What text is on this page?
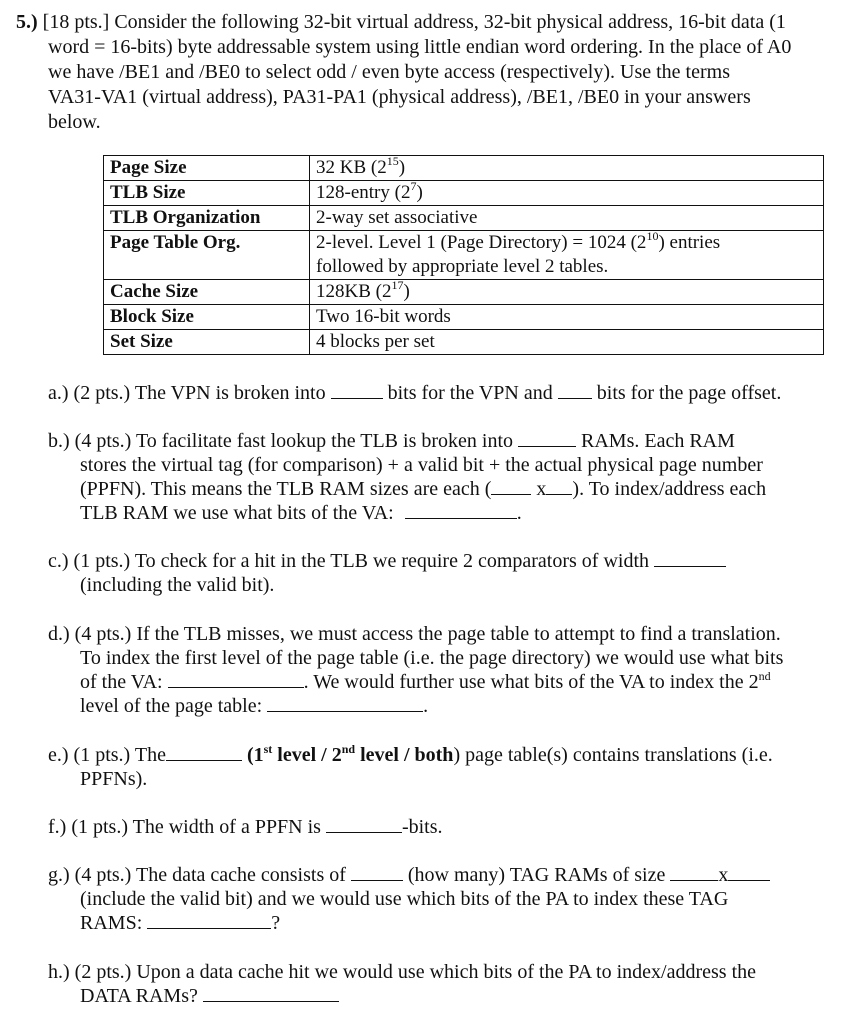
5.) [18 pts.] Consider the following 32-bit virtual address, 32-bit physical address, 16-bit data (1
word = 16-bits) byte addressable system using little endian word ordering. In the place of A0
we have /BE1 and /BE0 to select odd / even byte access (respectively). Use the terms
VA31-VA1 (virtual address), PA31-PA1 (physical address), /BE1, /BE0 in your answers
below.
Page Size	32 KB $(2^{15})$
TLB Size	128-entry $(2^7)$
TLB Organization	2-way set associative
Page Table Org.	2-level. Level 1 (Page Directory) = 1024 $(2^{10})$ entries
followed by appropriate level 2 tables.
Cache Size	128KB $(2^{17})$
Block Size	Two 16-bit words
Set Size	4 blocks per set
a.) (2 pts.) The VPN is broken into	bits for the VPN and bits for the page offset.
b.) (4 pts.) To facilitate fast lookup the TLB is broken into	RAMs. Each RAM
stores the virtual tag (for comparison) + a valid bit + the actual physical page number
(PPFN). This means the TLB RAM sizes are each ( x ). To index/address each
TLB RAM we use what bits of the VA:	.
c.) (1 pts.) To check for a hit in the TLB we require 2 comparators of width
(including the valid bit).
d.) (4 pts.) If the TLB misses, we must access the page table to attempt to find a translation.
To index the first level of the page table (i.e. the page directory) we would use what bits
of the VA:	. We would further use what bits of the VA to index the 2nd
level of the page table:	.
e.) (1 pts.) The	(1st level / 2nd level / both) page table(s) contains translations (i.e.
PPFNs).
f.) (1 pts.) The width of a PPFN is	-bits.
g.) (4 pts.) The data cache consists of	(how many) TAG RAMs of size	x
(include the valid bit) and we would use which bits of the PA to index these TAG
RAMS:	?
h.) (2 pts.) Upon a data cache hit we would use which bits of the PA to index/address the
DATA RAMs?
